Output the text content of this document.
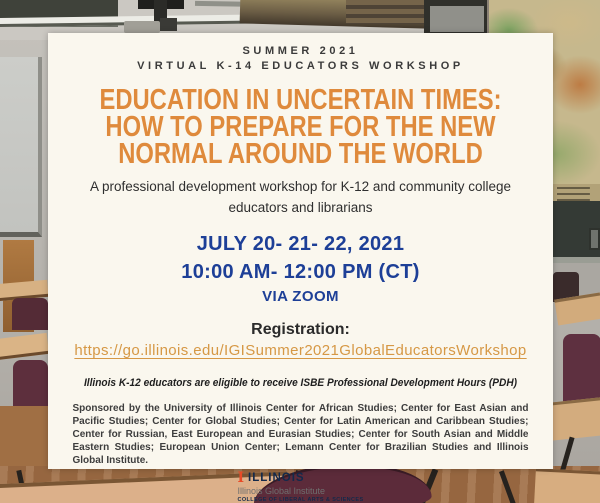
SUMMER 2021
VIRTUAL K-14 EDUCATORS WORKSHOP
EDUCATION IN UNCERTAIN TIMES:
HOW TO PREPARE FOR THE NEW
NORMAL AROUND THE WORLD

A professional development workshop for K-12 and community college educators and librarians

JULY 20- 21- 22, 2021
10:00 AM- 12:00 PM (CT)
VIA ZOOM
Registration:
https://go.illinois.edu/IGISummer2021GlobalEducatorsWorkshop
Illinois K-12 educators are eligible to receive ISBE Professional Development Hours (PDH)

Sponsored by the University of Illinois Center for African Studies; Center for East Asian and Pacific Studies; Center for Global Studies; Center for Latin American and Caribbean Studies; Center for Russian, East European and Eurasian Studies; Center for South Asian and Middle Eastern Studies; European Union Center; Lemann Center for Brazilian Studies and Illinois Global Institute.

I ILLINOIS
Illinois Global Institute
COLLEGE OF LIBERAL ARTS & SCIENCES
